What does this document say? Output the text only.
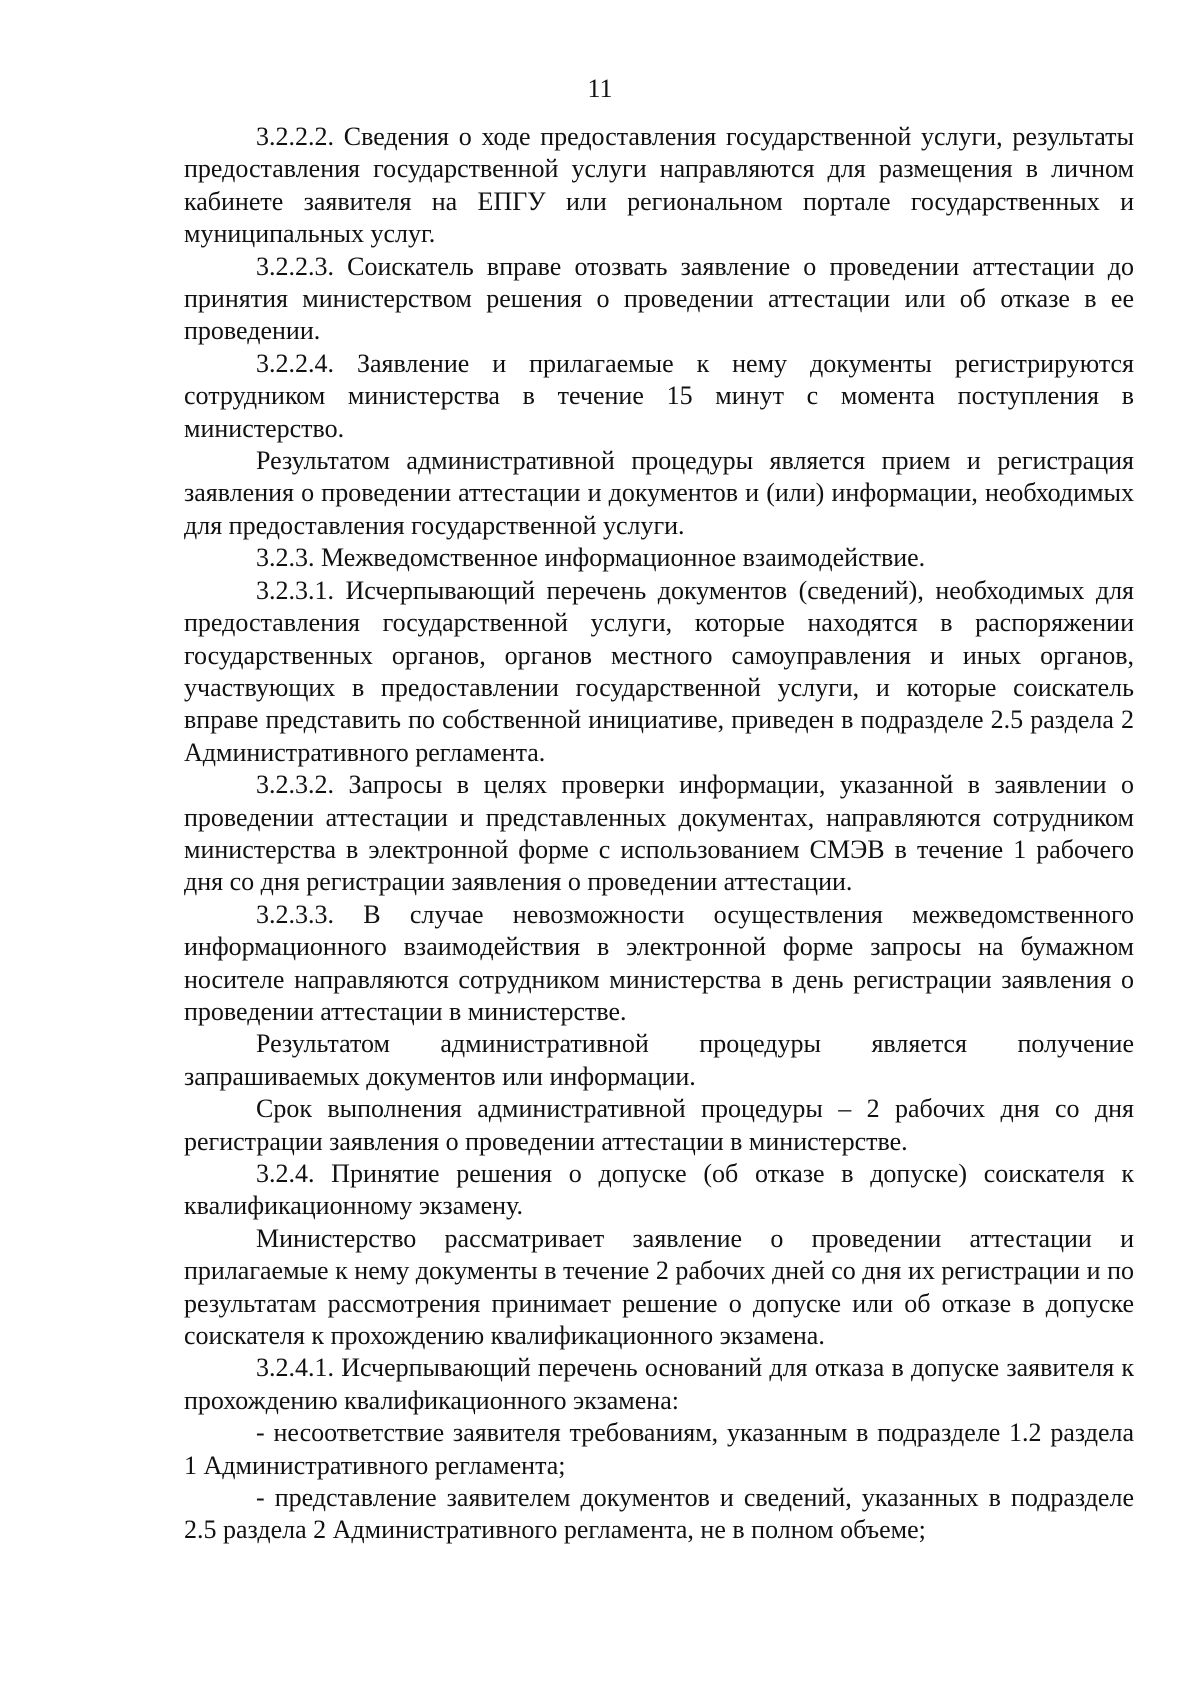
11

3.2.2.2. Сведения о ходе предоставления государственной услуги, результаты предоставления государственной услуги направляются для размещения в личном кабинете заявителя на ЕПГУ или региональном портале государственных и муниципальных услуг.

3.2.2.3. Соискатель вправе отозвать заявление о проведении аттестации до принятия министерством решения о проведении аттестации или об отказе в ее проведении.

3.2.2.4. Заявление и прилагаемые к нему документы регистрируются сотрудником министерства в течение 15 минут с момента поступления в министерство.

Результатом административной процедуры является прием и регистрация заявления о проведении аттестации и документов и (или) информации, необходимых для предоставления государственной услуги.

3.2.3. Межведомственное информационное взаимодействие.

3.2.3.1. Исчерпывающий перечень документов (сведений), необходимых для предоставления государственной услуги, которые находятся в распоряжении государственных органов, органов местного самоуправления и иных органов, участвующих в предоставлении государственной услуги, и которые соискатель вправе представить по собственной инициативе, приведен в подразделе 2.5 раздела 2 Административного регламента.

3.2.3.2. Запросы в целях проверки информации, указанной в заявлении о проведении аттестации и представленных документах, направляются сотрудником министерства в электронной форме с использованием СМЭВ в течение 1 рабочего дня со дня регистрации заявления о проведении аттестации.

3.2.3.3. В случае невозможности осуществления межведомственного информационного взаимодействия в электронной форме запросы на бумажном носителе направляются сотрудником министерства в день регистрации заявления о проведении аттестации в министерстве.

Результатом административной процедуры является получение запрашиваемых документов или информации.

Срок выполнения административной процедуры – 2 рабочих дня со дня регистрации заявления о проведении аттестации в министерстве.

3.2.4. Принятие решения о допуске (об отказе в допуске) соискателя к квалификационному экзамену.

Министерство рассматривает заявление о проведении аттестации и прилагаемые к нему документы в течение 2 рабочих дней со дня их регистрации и по результатам рассмотрения принимает решение о допуске или об отказе в допуске соискателя к прохождению квалификационного экзамена.

3.2.4.1. Исчерпывающий перечень оснований для отказа в допуске заявителя к прохождению квалификационного экзамена:

- несоответствие заявителя требованиям, указанным в подразделе 1.2 раздела 1 Административного регламента;

- представление заявителем документов и сведений, указанных в подразделе 2.5 раздела 2 Административного регламента, не в полном объеме;
